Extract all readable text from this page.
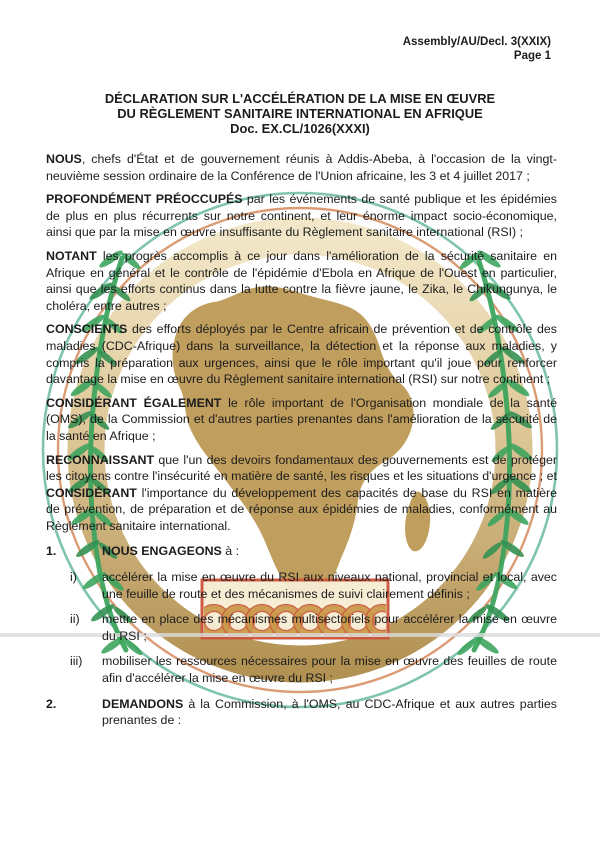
Assembly/AU/Decl. 3(XXIX)
Page 1
DÉCLARATION SUR L'ACCÉLÉRATION DE LA MISE EN ŒUVRE
DU RÈGLEMENT SANITAIRE INTERNATIONAL EN AFRIQUE
Doc. EX.CL/1026(XXXI)
NOUS, chefs d'État et de gouvernement réunis à Addis-Abeba, à l'occasion de la vingt-neuvième session ordinaire de la Conférence de l'Union africaine, les 3 et 4 juillet 2017 ;
PROFONDÉMENT PRÉOCCUPÉS par les événements de santé publique et les épidémies de plus en plus récurrents sur notre continent, et leur énorme impact socio-économique, ainsi que par la mise en œuvre insuffisante du Règlement sanitaire international (RSI) ;
NOTANT les progrès accomplis à ce jour dans l'amélioration de la sécurité sanitaire en Afrique en général et le contrôle de l'épidémie d'Ebola en Afrique de l'Ouest en particulier, ainsi que les efforts continus dans la lutte contre la fièvre jaune, le Zika, le Chikungunya, le choléra, entre autres ;
CONSCIENTS des efforts déployés par le Centre africain de prévention et de contrôle des maladies (CDC-Afrique) dans la surveillance, la détection et la réponse aux maladies, y compris la préparation aux urgences, ainsi que le rôle important qu'il joue pour renforcer davantage la mise en œuvre du Règlement sanitaire international (RSI) sur notre continent ;
CONSIDÉRANT ÉGALEMENT le rôle important de l'Organisation mondiale de la santé (OMS), de la Commission et d'autres parties prenantes dans l'amélioration de la sécurité de la santé en Afrique ;
RECONNAISSANT que l'un des devoirs fondamentaux des gouvernements est de protéger les citoyens contre l'insécurité en matière de santé, les risques et les situations d'urgence ; et CONSIDÉRANT l'importance du développement des capacités de base du RSI en matière de prévention, de préparation et de réponse aux épidémies de maladies, conformément au Règlement sanitaire international.
1.	NOUS ENGAGEONS à :
i)	accélérer la mise en œuvre du RSI aux niveaux national, provincial et local, avec une feuille de route et des mécanismes de suivi clairement définis ;
ii)	mettre en place des mécanismes multisectoriels pour accélérer la mise en œuvre du RSI ;
iii)	mobiliser les ressources nécessaires pour la mise en œuvre des feuilles de route afin d'accélérer la mise en œuvre du RSI ;
2.	DEMANDONS à la Commission, à l'OMS, au CDC-Afrique et aux autres parties prenantes de :
